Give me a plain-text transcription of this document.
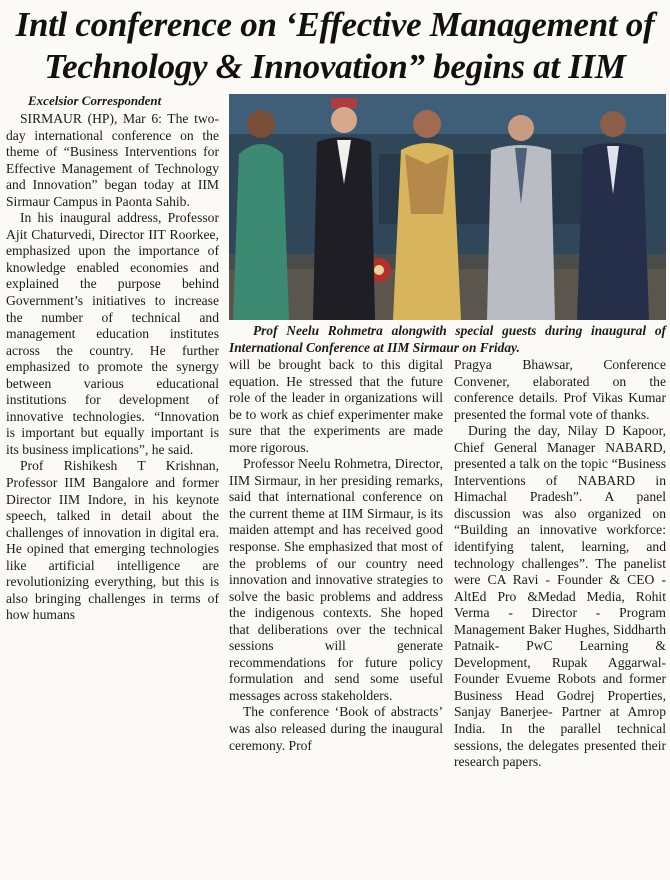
Intl conference on ‘Effective Management of
Technology & Innovation” begins at IIM
Excelsior Correspondent

SIRMAUR (HP), Mar 6: The two-day international conference on the theme of “Business Interventions for Effective Management of Technology and Innovation” began today at IIM Sirmaur Campus in Paonta Sahib.

In his inaugural address, Professor Ajit Chaturvedi, Director IIT Roorkee, emphasized upon the importance of knowledge enabled economies and explained the purpose behind Government’s initiatives to increase the number of technical and management education institutes across the country. He further emphasized to promote the synergy between various educational institutions for development of innovative technologies. “Innovation is important but equally important is its business implications”, he said.

Prof Rishikesh T Krishnan, Professor IIM Bangalore and former Director IIM Indore, in his keynote speech, talked in detail about the challenges of innovation in digital era. He opined that emerging technologies like artificial intelligence are revolutionizing everything, but this is also bringing challenges in terms of how humans

Prof Neelu Rohmetra alongwith special guests during inaugural of International Conference at IIM Sirmaur on Friday.

will be brought back to this digital equation. He stressed that the future role of the leader in organizations will be to work as chief experimenter make sure that the experiments are made more rigorous.

Professor Neelu Rohmetra, Director, IIM Sirmaur, in her presiding remarks, said that international conference on the current theme at IIM Sirmaur, is its maiden attempt and has received good response. She emphasized that most of the problems of our country need innovation and innovative strategies to solve the basic problems and address the indigenous contexts. She hoped that deliberations over the technical sessions will generate recommendations for future policy formulation and send some useful messages across stakeholders.

The conference ‘Book of abstracts’ was also released during the inaugural ceremony. Prof

Pragya Bhawsar, Conference Convener, elaborated on the conference details. Prof Vikas Kumar presented the formal vote of thanks.

During the day, Nilay D Kapoor, Chief General Manager NABARD, presented a talk on the topic “Business Interventions of NABARD in Himachal Pradesh”. A panel discussion was also organized on “Building an innovative workforce: identifying talent, learning, and technology challenges”. The panelist were CA Ravi - Founder & CEO - AltEd Pro &Medad Media, Rohit Verma - Director - Program Management Baker Hughes, Siddharth Patnaik- PwC Learning & Development, Rupak Aggarwal- Founder Evueme Robots and former Business Head Godrej Properties, Sanjay Banerjee- Partner at Amrop India. In the parallel technical sessions, the delegates presented their research papers.
